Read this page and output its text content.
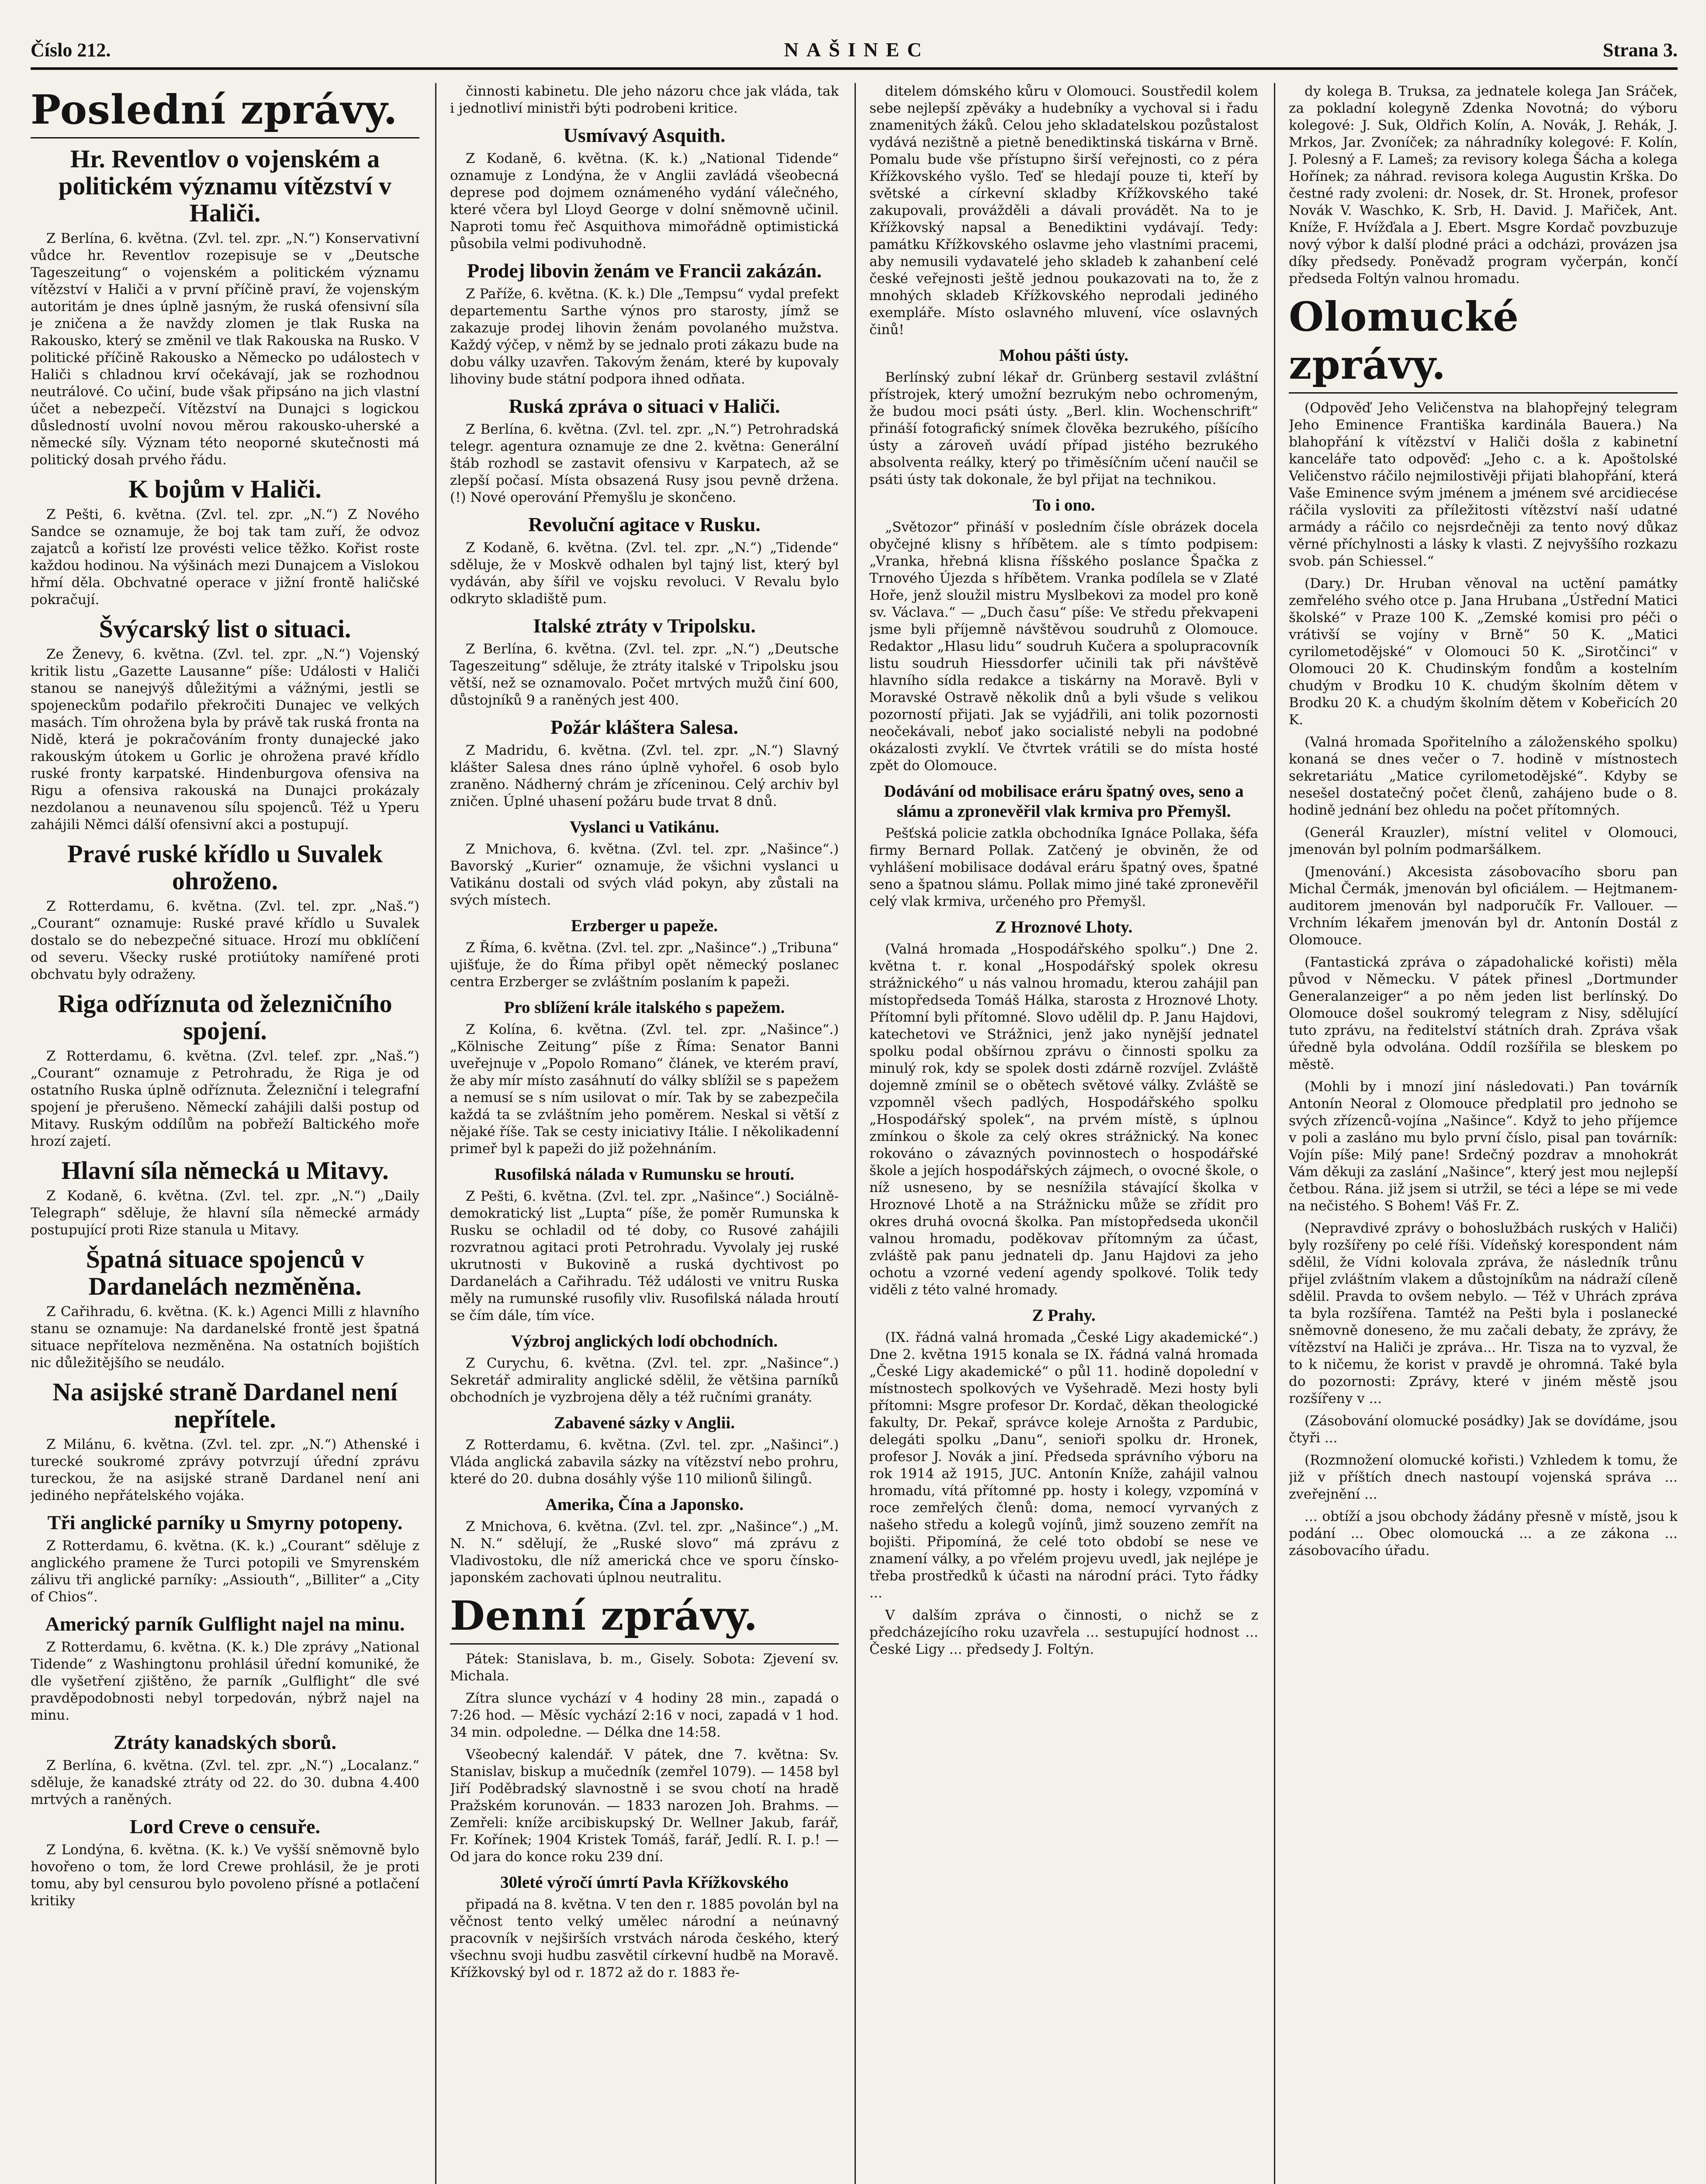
Číslo 212.	NAŠINEC	Strana 3.
Poslední zprávy.
Hr. Reventlov o vojenském a politickém významu vítězství v Haliči.

Z Berlína, 6. května. (Zvl. tel. zpr. „N.“) Konservativní vůdce hr. Reventlov rozepisuje se v „Deutsche Tageszeitung“ o vojenském a politickém významu vítězství v Haliči a v první příčině praví, že vojenským autoritám je dnes úplně jasným, že ruská ofensivní síla je zničena a že navždy zlomen je tlak Ruska na Rakousko, který se změnil ve tlak Rakouska na Rusko. V politické příčině Rakousko a Německo po událostech v Haliči s chladnou krví očekávají, jak se rozhodnou neutrálové. Co učiní, bude však připsáno na jich vlastní účet a nebezpečí. Vítězství na Dunajci s logickou důsledností uvolní novou měrou rakousko-uherské a německé síly. Význam této neoporné skutečnosti má politický dosah prvého řádu.

K bojům v Haliči.

Z Pešti, 6. května. (Zvl. tel. zpr. „N.“) Z Nového Sandce se oznamuje, že boj tak tam zuří, že odvoz zajatců a kořistí lze provésti velice těžko. Kořist roste každou hodinou. Na výšinách mezi Dunajcem a Vislokou hřmí děla. Obchvatné operace v jižní frontě haličské pokračují.

Švýcarský list o situaci.

Ze Ženevy, 6. května. (Zvl. tel. zpr. „N.“) Vojenský kritik listu „Gazette Lausanne“ píše: Události v Haliči stanou se nanejvýš důležitými a vážnými, jestli se spojeneckům podařilo překročiti Dunajec ve velkých masách. Tím ohrožena byla by právě tak ruská fronta na Nidě, která je pokračováním fronty dunajecké jako rakouským útokem u Gorlic je ohrožena pravé křídlo ruské fronty karpatské. Hindenburgova ofensiva na Rigu a ofensiva rakouská na Dunajci prokázaly nezdolanou a neunavenou sílu spojenců. Též u Yperu zahájili Němci dálší ofensivní akci a postupují.

Pravé ruské křídlo u Suvalek ohroženo.

Z Rotterdamu, 6. května. (Zvl. tel. zpr. „Naš.“) „Courant“ oznamuje: Ruské pravé křídlo u Suvalek dostalo se do nebezpečné situace. Hrozí mu obklíčení od severu. Všecky ruské protiútoky namířené proti obchvatu byly odraženy.

Riga odříznuta od železničního spojení.

Z Rotterdamu, 6. května. (Zvl. telef. zpr. „Naš.“) „Courant“ oznamuje z Petrohradu, že Riga je od ostatního Ruska úplně odříznuta. Železniční i telegrafní spojení je přerušeno. Německí zahájili dalši postup od Mitavy. Ruským oddílům na pobřeží Baltického moře hrozí zajetí.

Hlavní síla německá u Mitavy.

Z Kodaně, 6. května. (Zvl. tel. zpr. „N.“) „Daily Telegraph“ sděluje, že hlavní síla německé armády postupující proti Rize stanula u Mitavy.

Špatná situace spojenců v Dardanelách nezměněna.

Z Cařihradu, 6. května. (K. k.) Agenci Milli z hlavního stanu se oznamuje: Na dardanelské frontě jest špatná situace nepřítelova nezměněna. Na ostatních bojištích nic důležitějšího se neudálo.

Na asijské straně Dardanel není nepřítele.

Z Milánu, 6. května. (Zvl. tel. zpr. „N.“) Athenské i turecké soukromé zprávy potvrzují úřední zprávu tureckou, že na asijské straně Dardanel není ani jediného nepřátelského vojáka.

Tři anglické parníky u Smyrny potopeny.

Z Rotterdamu, 6. května. (K. k.) „Courant“ sděluje z anglického pramene že Turci potopili ve Smyrenském zálivu tři anglické parníky: „Assiouth“, „Billiter“ a „City of Chios“.

Americký parník Gulflight najel na minu.

Z Rotterdamu, 6. května. (K. k.) Dle zprávy „National Tidende“ z Washingtonu prohlásil úřední komuniké, že dle vyšetření zjištěno, že parník „Gulflight“ dle své pravděpodobnosti nebyl torpedován, nýbrž najel na minu.

Ztráty kanadských sborů.

Z Berlína, 6. května. (Zvl. tel. zpr. „N.“) „Localanz.“ sděluje, že kanadské ztráty od 22. do 30. dubna 4.400 mrtvých a raněných.

Lord Creve o censuře.

Z Londýna, 6. května. (K. k.) Ve vyšší sněmovně bylo hovořeno o tom, že lord Crewe prohlásil, že je proti tomu, aby byl censurou bylo povoleno přísné a potlačení kritiky

činnosti kabinetu. Dle jeho názoru chce jak vláda, tak i jednotliví ministři býti podrobeni kritice.

Usmívavý Asquith.

Z Kodaně, 6. května. (K. k.) „National Tidende“ oznamuje z Londýna, že v Anglii zavládá všeobecná deprese pod dojmem oznámeného vydání válečného, které včera byl Lloyd George v dolní sněmovně učinil. Naproti tomu řeč Asquithova mimořádně optimistická působila velmi podivuhodně.

Prodej libovin ženám ve Francii zakázán.

Z Paříže, 6. května. (K. k.) Dle „Tempsu“ vydal prefekt departementu Sarthe výnos pro starosty, jímž se zakazuje prodej lihovin ženám povolaného mužstva. Každý výčep, v němž by se jednalo proti zákazu bude na dobu války uzavřen. Takovým ženám, které by kupovaly lihoviny bude státní podpora ihned odňata.

Ruská zpráva o situaci v Haliči.

Z Berlína, 6. května. (Zvl. tel. zpr. „N.“) Petrohradská telegr. agentura oznamuje ze dne 2. května: Generální štáb rozhodl se zastavit ofensivu v Karpatech, až se zlepší počasí. Místa obsazená Rusy jsou pevně držena. (!) Nové operování Přemyšlu je skončeno.

Revoluční agitace v Rusku.

Z Kodaně, 6. května. (Zvl. tel. zpr. „N.“) „Tidende“ sděluje, že v Moskvě odhalen byl tajný list, který byl vydáván, aby šířil ve vojsku revoluci. V Revalu bylo odkryto skladiště pum.

Italské ztráty v Tripolsku.

Z Berlína, 6. května. (Zvl. tel. zpr. „N.“) „Deutsche Tageszeitung“ sděluje, že ztráty italské v Tripolsku jsou větší, než se oznamovalo. Počet mrtvých mužů činí 600, důstojníků 9 a raněných jest 400.

Požár kláštera Salesa.

Z Madridu, 6. května. (Zvl. tel. zpr. „N.“) Slavný klášter Salesa dnes ráno úplně vyhořel. 6 osob bylo zraněno. Nádherný chrám je zříceninou. Celý archiv byl zničen. Úplné uhasení požáru bude trvat 8 dnů.

Vyslanci u Vatikánu.

Z Mnichova, 6. května. (Zvl. tel. zpr. „Našince“.) Bavorský „Kurier“ oznamuje, že všichni vyslanci u Vatikánu dostali od svých vlád pokyn, aby zůstali na svých místech.

Erzberger u papeže.

Z Říma, 6. května. (Zvl. tel. zpr. „Našince“.) „Tribuna“ ujišťuje, že do Říma přibyl opět německý poslanec centra Erzberger se zvláštním poslaním k papeži.

Pro sblížení krále italského s papežem.

Z Kolína, 6. května. (Zvl. tel. zpr. „Našince“.) „Kölnische Zeitung“ píše z Říma: Senator Banni uveřejnuje v „Popolo Romano“ článek, ve kterém praví, že aby mír místo zasáhnutí do války sblížil se s papežem a nemusí se s ním usilovat o mír. Tak by se zabezpečila každá ta se zvláštním jeho poměrem. Neskal si větší z nějaké říše. Tak se cesty iniciativy Itálie. I několikadenní primeř byl k papeži do již požehnáním.

Rusofilská nálada v Rumunsku se hroutí.

Z Pešti, 6. května. (Zvl. tel. zpr. „Našince“.) Sociálně-demokratický list „Lupta“ píše, že poměr Rumunska k Rusku se ochladil od té doby, co Rusové zahájili rozvratnou agitaci proti Petrohradu. Vyvolaly jej ruské ukrutnosti v Bukovině a ruská dychtivost po Dardanelách a Cařihradu. Též události ve vnitru Ruska měly na rumunské rusofily vliv. Rusofilská nálada hroutí se čím dále, tím více.

Výzbroj anglických lodí obchodních.

Z Curychu, 6. května. (Zvl. tel. zpr. „Našince“.) Sekretář admirality anglické sdělil, že většina parníků obchodních je vyzbrojena děly a též ručními granáty.

Zabavené sázky v Anglii.

Z Rotterdamu, 6. května. (Zvl. tel. zpr. „Našinci“.) Vláda anglická zabavila sázky na vítězství nebo prohru, které do 20. dubna dosáhly výše 110 milionů šilingů.

Amerika, Čína a Japonsko.

Z Mnichova, 6. května. (Zvl. tel. zpr. „Našince“.) „M. N. N.“ sdělují, že „Ruské slovo“ má zprávu z Vladivostoku, dle níž americká chce ve sporu čínsko-japonském zachovati úplnou neutralitu.

Denní zprávy.

Pátek: Stanislava, b. m., Gisely. Sobota: Zjevení sv. Michala.

Zítra slunce vychází v 4 hodiny 28 min., zapadá o 7:26 hod. — Měsíc vychází 2:16 v noci, zapadá v 1 hod. 34 min. odpoledne. — Délka dne 14:58.

Všeobecný kalendář. V pátek, dne 7. května: Sv. Stanislav, biskup a mučedník (zemřel 1079). — 1458 byl Jiří Poděbradský slavnostně i se svou chotí na hradě Pražském korunován. — 1833 narozen Joh. Brahms. — Zemřeli: kníže arcibiskupský Dr. Wellner Jakub, farář, Fr. Kořínek; 1904 Kristek Tomáš, farář, Jedlí. R. I. p.! — Od jara do konce roku 239 dní.

30leté výročí úmrtí Pavla Křížkovského

připadá na 8. května. V ten den r. 1885 povolán byl na věčnost tento velký umělec národní a neúnavný pracovník v nejširších vrstvách národa českého, který všechnu svoji hudbu zasvětil církevní hudbě na Moravě. Křížkovský byl od r. 1872 až do r. 1883 ře-

ditelem dómského kůru v Olomouci. Soustředil kolem sebe nejlepší zpěváky a hudebníky a vychoval si i řadu znamenitých žáků. Celou jeho skladatelskou pozůstalost vydává nezištně a pietně benediktinská tiskárna v Brně. Pomalu bude vše přístupno širší veřejnosti, co z péra Křížkovského vyšlo. Teď se hledají pouze ti, kteří by světské a církevní skladby Křížkovského také zakupovali, provážděli a dávali provádět. Na to je Křížkovský napsal a Benediktini vydávají. Tedy: památku Křížkovského oslavme jeho vlastními pracemi, aby nemusili vydavatelé jeho skladeb k zahanbení celé české veřejnosti ještě jednou poukazovati na to, že z mnohých skladeb Křížkovského neprodali jediného exempláře. Místo oslavného mluvení, více oslavných činů!

Mohou pášti ústy.

Berlínský zubní lékař dr. Grünberg sestavil zvláštní přístrojek, který umožní bezrukým nebo ochromeným, že budou moci psáti ústy. „Berl. klin. Wochenschrift“ přináší fotografický snímek člověka bezrukého, píšícího ústy a zároveň uvádí případ jistého bezrukého absolventa reálky, který po třiměsíčním učení naučil se psáti ústy tak dokonale, že byl přijat na technikou.

To i ono.

„Světozor“ přináší v posledním čísle obrázek docela obyčejné klisny s hříbětem. ale s tímto podpisem: „Vranka, hřebná klisna říšského poslance Špačka z Trnového Újezda s hříbětem. Vranka podílela se v Zlaté Hoře, jenž sloužil mistru Myslbekovi za model pro koně sv. Václava.“ — „Duch času“ píše: Ve středu překvapeni jsme byli příjemně návštěvou soudruhů z Olomouce. Redaktor „Hlasu lidu“ soudruh Kučera a spolupracovník listu soudruh Hiessdorfer učinili tak při návštěvě hlavního sídla redakce a tiskárny na Moravě. Byli v Moravské Ostravě několik dnů a byli všude s velikou pozorností přijati. Jak se vyjádřili, ani tolik pozornosti neočekávali, neboť jako socialisté nebyli na podobné okázalosti zvyklí. Ve čtvrtek vrátili se do místa hosté zpět do Olomouce.

Dodávání od mobilisace eráru špatný oves, seno a slámu a zpronevěřil vlak krmiva pro Přemyšl.

Pešťská policie zatkla obchodníka Ignáce Pollaka, šéfa firmy Bernard Pollak. Zatčený je obviněn, že od vyhlášení mobilisace dodával eráru špatný oves, špatné seno a špatnou slámu. Pollak mimo jiné také zpronevěřil celý vlak krmiva, určeného pro Přemyšl.

Z Hroznové Lhoty.

(Valná hromada „Hospodářského spolku“.) Dne 2. května t. r. konal „Hospodářský spolek okresu strážnického“ u nás valnou hromadu, kterou zahájil pan místopředseda Tomáš Hálka, starosta z Hroznové Lhoty. Přítomní byli přítomné. Slovo udělil dp. P. Janu Hajdovi, katechetovi ve Strážnici, jenž jako nynější jednatel spolku podal obšírnou zprávu o činnosti spolku za minulý rok, kdy se spolek dosti zdárně rozvíjel. Zvláště dojemně zmínil se o obětech světové války. Zvláště se vzpomněl všech padlých, Hospodářského spolku „Hospodářský spolek“, na prvém místě, s úplnou zmínkou o škole za celý okres strážnický. Na konec rokováno o závazných povinnostech o hospodářské škole a jejích hospodářských zájmech, o ovocné škole, o níž usneseno, by se nesnížila stávající školka v Hroznové Lhotě a na Strážnicku může se zřídit pro okres druhá ovocná školka. Pan místopředseda ukončil valnou hromadu, poděkovav přítomným za účast, zvláště pak panu jednateli dp. Janu Hajdovi za jeho ochotu a vzorné vedení agendy spolkové. Tolik tedy viděli z této valné hromady.

Z Prahy.

(IX. řádná valná hromada „České Ligy akademické“.) Dne 2. května 1915 konala se IX. řádná valná hromada „České Ligy akademické“ o půl 11. hodině dopolední v místnostech spolkových ve Vyšehradě. Mezi hosty byli přítomni: Msgre profesor Dr. Kordač, děkan theologické fakulty, Dr. Pekař, správce koleje Arnošta z Pardubic, delegáti spolku „Danu“, senioři spolku dr. Hronek, profesor J. Novák a jiní. Předseda správního výboru na rok 1914 až 1915, JUC. Antonín Kníže, zahájil valnou hromadu, vítá přítomné pp. hosty i kolegy, vzpomíná v roce zemřelých členů: doma, nemocí vyrvaných z našeho středu a kolegů vojínů, jimž souzeno zemřít na bojišti. Připomíná, že celé toto období se nese ve znamení války, a po vřelém projevu uvedl, jak nejlépe je třeba prostředků k účasti na národní práci. Tyto řádky ...

V dalším zpráva o činnosti, o nichž se z předcházejícího roku uzavřela ... sestupující hodnost ... České Ligy ... předsedy J. Foltýn.

dy kolega B. Truksa, za jednatele kolega Jan Sráček, za pokladní kolegyně Zdenka Novotná; do výboru kolegové: J. Suk, Oldřich Kolín, A. Novák, J. Rehák, J. Mrkos, Jar. Zvoníček; za náhradníky kolegové: F. Kolín, J. Polesný a F. Lameš; za revisory kolega Šácha a kolega Hořínek; za náhrad. revisora kolega Augustin Krška. Do čestné rady zvoleni: dr. Nosek, dr. St. Hronek, profesor Novák V. Waschko, K. Srb, H. David. J. Mařiček, Ant. Kníže, F. Hvížďala a J. Ebert. Msgre Kordač povzbuzuje nový výbor k další plodné práci a odcházi, provázen jsa díky předsedy. Poněvadž program vyčerpán, končí předseda Foltýn valnou hromadu.

Olomucké zprávy.

(Odpověď Jeho Veličenstva na blahopřejný telegram Jeho Eminence Františka kardinála Bauera.) Na blahopřání k vítězství v Haliči došla z kabinetní kanceláře tato odpověď: „Jeho c. a k. Apoštolské Veličenstvo ráčilo nejmilostivěji přijati blahopřání, která Vaše Eminence svým jménem a jménem své arcidiecése ráčila vysloviti za příležitosti vítězství naší udatné armády a ráčilo co nejsrdečněji za tento nový důkaz věrné příchylnosti a lásky k vlasti. Z nejvyššího rozkazu svob. pán Schiessel.“

(Dary.) Dr. Hruban věnoval na uctění památky zemřelého svého otce p. Jana Hrubana „Ústřední Matici školské“ v Praze 100 K. „Zemské komisi pro péči o vrátivší se vojíny v Brně“ 50 K. „Matici cyrilometodějské“ v Olomouci 50 K. „Sirotčinci“ v Olomouci 20 K. Chudinským fondům a kostelním chudým v Brodku 10 K. chudým školním dětem v Brodku 20 K. a chudým školním dětem v Kobeřicích 20 K.

(Valná hromada Spořitelního a záloženského spolku) konaná se dnes večer o 7. hodině v místnostech sekretariátu „Matice cyrilometodějské“. Kdyby se nesešel dostatečný počet členů, zahájeno bude o 8. hodině jednání bez ohledu na počet přítomných.

(Generál Krauzler), místní velitel v Olomouci, jmenován byl polním podmaršálkem.

(Jmenování.) Akcesista zásobovacího sboru pan Michal Čermák, jmenován byl oficiálem. — Hejtmanem-auditorem jmenován byl nadporučík Fr. Vallouer. — Vrchním lékařem jmenován byl dr. Antonín Dostál z Olomouce.

(Fantastická zpráva o západohalické kořisti) měla původ v Německu. V pátek přinesl „Dortmunder Generalanzeiger“ a po něm jeden list berlínský. Do Olomouce došel soukromý telegram z Nisy, sdělující tuto zprávu, na ředitelství státních drah. Zpráva však úředně byla odvolána. Oddíl rozšířila se bleskem po městě.

(Mohli by i mnozí jiní následovati.) Pan továrník Antonín Neoral z Olomouce předplatil pro jednoho se svých zřízenců-vojína „Našince“. Když to jeho příjemce v poli a zasláno mu bylo první číslo, pisal pan továrník: Vojín píše: Milý pane! Srdečný pozdrav a mnohokrát Vám děkuji za zaslání „Našince“, který jest mou nejlepší četbou. Rána. již jsem si utržil, se téci a lépe se mi vede na nečistého. S Bohem! Váš Fr. Z.

(Nepravdivé zprávy o bohoslužbách ruských v Haliči) byly rozšířeny po celé říši. Vídeňský korespondent nám sdělil, že Vídni kolovala zpráva, že následník trůnu přijel zvláštním vlakem a důstojníkům na nádraží cíleně sdělil. Pravda to ovšem nebylo. — Též v Uhrách zpráva ta byla rozšířena. Tamtéž na Pešti byla i poslanecké sněmovně doneseno, že mu začali debaty, že zprávy, že vítězství na Haliči je zpráva... Hr. Tisza na to vyzval, že to k ničemu, že korist v pravdě je ohromná. Také byla do pozornosti: Zprávy, které v jiném městě jsou rozšířeny v ...

(Zásobování olomucké posádky) Jak se dovídáme, jsou čtyři ...

(Rozmnožení olomucké kořisti.) Vzhledem k tomu, že již v příštích dnech nastoupí vojenská správa ... zveřejnění ...

... obtíží a jsou obchody žádány přesně v místě, jsou k podání ... Obec olomoucká ... a ze zákona ... zásobovacího úřadu.
